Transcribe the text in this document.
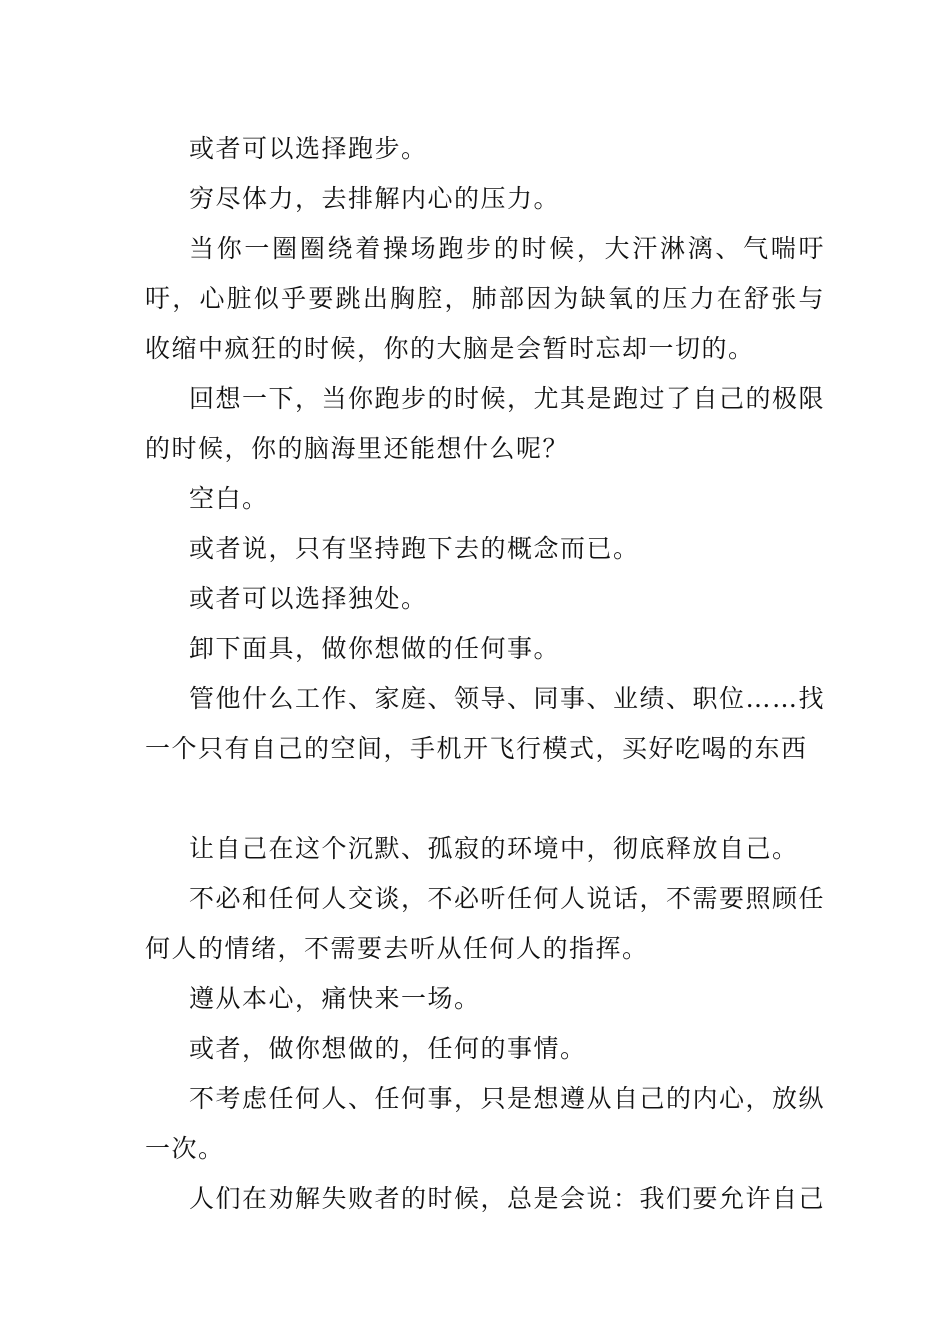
或者可以选择跑步。

穷尽体力，去排解内心的压力。

当你一圈圈绕着操场跑步的时候，大汗淋漓、气喘吁吁，心脏似乎要跳出胸腔，肺部因为缺氧的压力在舒张与收缩中疯狂的时候，你的大脑是会暂时忘却一切的。

回想一下，当你跑步的时候，尤其是跑过了自己的极限的时候，你的脑海里还能想什么呢？

空白。

或者说，只有坚持跑下去的概念而已。

或者可以选择独处。

卸下面具，做你想做的任何事。

管他什么工作、家庭、领导、同事、业绩、职位……找一个只有自己的空间，手机开飞行模式，买好吃喝的东西

让自己在这个沉默、孤寂的环境中，彻底释放自己。

不必和任何人交谈，不必听任何人说话，不需要照顾任何人的情绪，不需要去听从任何人的指挥。

遵从本心，痛快来一场。

或者，做你想做的，任何的事情。

不考虑任何人、任何事，只是想遵从自己的内心，放纵一次。

人们在劝解失败者的时候，总是会说：我们要允许自己
